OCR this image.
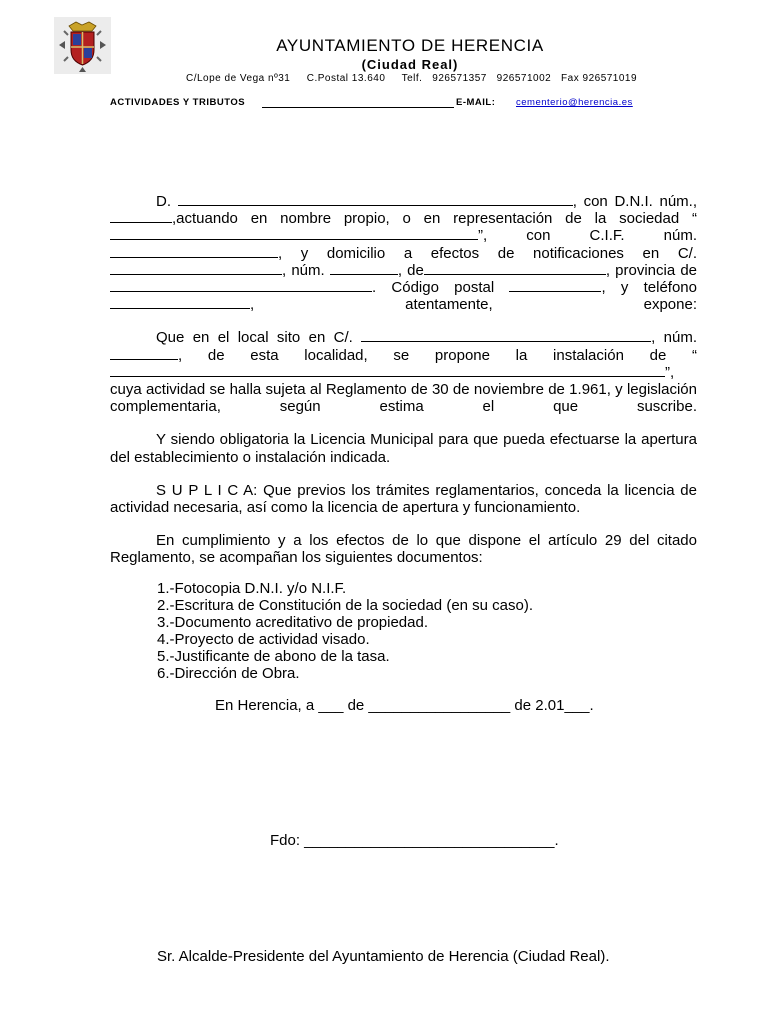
AYUNTAMIENTO DE HERENCIA
(Ciudad Real)
C/Lope de Vega nº31     C.Postal 13.640     Telf.   926571357   926571002   Fax 926571019
ACTIVIDADES Y TRIBUTOS	E-MAIL: cementerio@herencia.es

D.	, con D.N.I. núm.,,actuando en nombre propio, o en representación de la sociedad “”, con C.I.F. núm. , y domicilio a efectos de notificaciones en C/. , núm.	, de	, provincia de . Código postal	, y teléfono , atentamente, expone:

Que en el local sito en C/.	, núm. , de esta localidad, se propone la instalación de “”, cuya actividad se halla sujeta al Reglamento de 30 de noviembre de 1.961, y legislación complementaria, según estima el que suscribe.

Y siendo obligatoria la Licencia Municipal para que pueda efectuarse la apertura del establecimiento o instalación indicada.

S U P L I C A: Que previos los trámites reglamentarios, conceda la licencia de actividad necesaria, así como la licencia de apertura y funcionamiento.

En cumplimiento y a los efectos de lo que dispone el artículo 29 del citado Reglamento, se acompañan los siguientes documentos:

1.-Fotocopia D.N.I. y/o N.I.F.
2.-Escritura de Constitución de la sociedad (en su caso).
3.-Documento acreditativo de propiedad.
4.-Proyecto de actividad visado.
5.-Justificante de abono de la tasa.
6.-Dirección de Obra.
En Herencia, a ___ de _________________ de 2.01___.
Fdo: ______________________________.
Sr. Alcalde-Presidente del Ayuntamiento de Herencia (Ciudad Real).
